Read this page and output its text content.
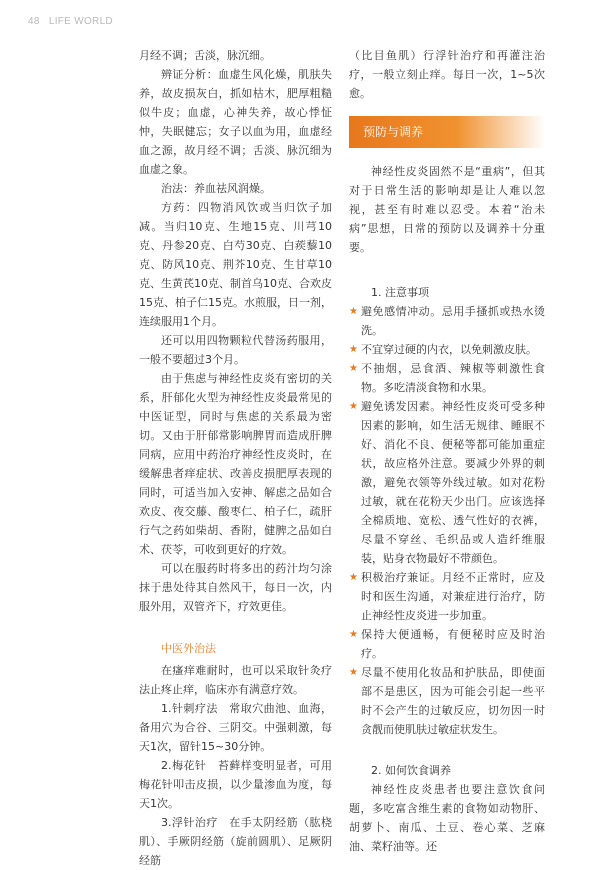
48 LIFE WORLD

月经不调；舌淡，脉沉细。

辨证分析：血虚生风化燥，肌肤失养，故皮损灰白，抓如枯木，肥厚粗糙似牛皮；血虚，心神失养，故心悸怔忡，失眠健忘；女子以血为用，血虚经血之源，故月经不调；舌淡、脉沉细为血虚之象。

治法：养血祛风润燥。

方药：四物消风饮或当归饮子加减。当归10克、生地15克、川芎10克、丹参20克、白芍30克、白蒺藜10克、防风10克、荆芥10克、生甘草10克、生黄芪10克、制首乌10克、合欢皮15克、柏子仁15克。水煎服，日一剂，连续服用1个月。

还可以用四物颗粒代替汤药服用，一般不要超过3个月。

由于焦虑与神经性皮炎有密切的关系，肝郁化火型为神经性皮炎最常见的中医证型，同时与焦虑的关系最为密切。又由于肝郁常影响脾胃而造成肝脾同病，应用中药治疗神经性皮炎时，在缓解患者痒症状、改善皮损肥厚表现的同时，可适当加入安神、解虑之品如合欢皮、夜交藤、酸枣仁、柏子仁，疏肝行气之药如柴胡、香附，健脾之品如白术、茯苓，可收到更好的疗效。

可以在服药时将多出的药汁均匀涂抹于患处待其自然风干，每日一次，内服外用，双管齐下，疗效更佳。

中医外治法

在瘙痒难耐时，也可以采取针灸疗法止疼止痒，临床亦有满意疗效。

1.针刺疗法　常取穴曲池、血海，备用穴为合谷、三阴交。中强刺激，每天1次，留针15~30分钟。

2.梅花针　苔藓样变明显者，可用梅花针叩击皮损，以少量渗血为度，每天1次。

3.浮针治疗　在手太阴经筋（肱桡肌）、手厥阴经筋（旋前圆肌）、足厥阴经筋

（比目鱼肌）行浮针治疗和再灌注治疗，一般立刻止痒。每日一次，1~5次愈。

预防与调养

神经性皮炎固然不是“重病”，但其对于日常生活的影响却是让人难以忽视，甚至有时难以忍受。本着“治未病”思想，日常的预防以及调养十分重要。

1. 注意事项

★ 避免感情冲动。忌用手搔抓或热水烫洗。
★ 不宜穿过硬的内衣，以免刺激皮肤。
★ 不抽烟，忌食酒、辣椒等刺激性食物。多吃清淡食物和水果。
★ 避免诱发因素。神经性皮炎可受多种因素的影响，如生活无规律、睡眠不好、消化不良、便秘等都可能加重症状，故应格外注意。要减少外界的刺激，避免衣领等外线过敏。如对花粉过敏，就在花粉天少出门。应该选择全棉质地、宽松、透气性好的衣裤，尽量不穿丝、毛织品或人造纤维服装，贴身衣物最好不带颜色。
★ 积极治疗兼证。月经不正常时，应及时和医生沟通，对兼症进行治疗，防止神经性皮炎进一步加重。
★ 保持大便通畅，有便秘时应及时治疗。
★ 尽量不使用化妆品和护肤品，即使面部不是患区，因为可能会引起一些平时不会产生的过敏反应，切勿因一时贪靓而使肌肤过敏症状发生。

2. 如何饮食调养

神经性皮炎患者也要注意饮食问题，多吃富含维生素的食物如动物肝、胡萝卜、南瓜、土豆、卷心菜、芝麻油、菜籽油等。还
